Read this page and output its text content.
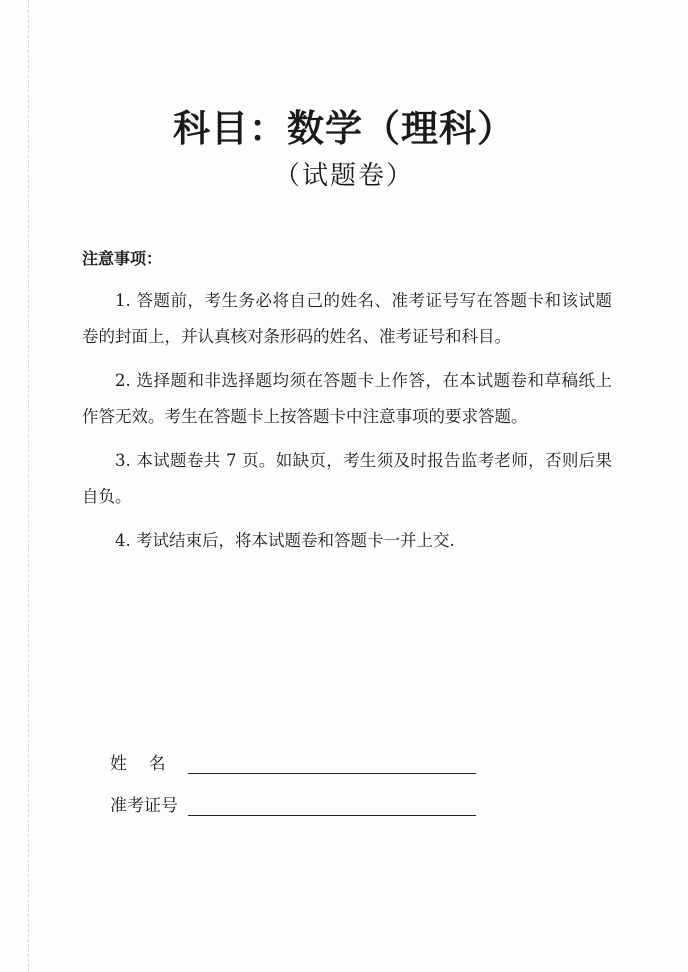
科目：数学（理科）
（试题卷）
注意事项：

1. 答题前，考生务必将自己的姓名、准考证号写在答题卡和该试题卷的封面上，并认真核对条形码的姓名、准考证号和科目。

2. 选择题和非选择题均须在答题卡上作答，在本试题卷和草稿纸上作答无效。考生在答题卡上按答题卡中注意事项的要求答题。

3. 本试题卷共 7 页。如缺页，考生须及时报告监考老师，否则后果自负。

4. 考试结束后，将本试题卷和答题卡一并上交.

姓    名
准考证号
